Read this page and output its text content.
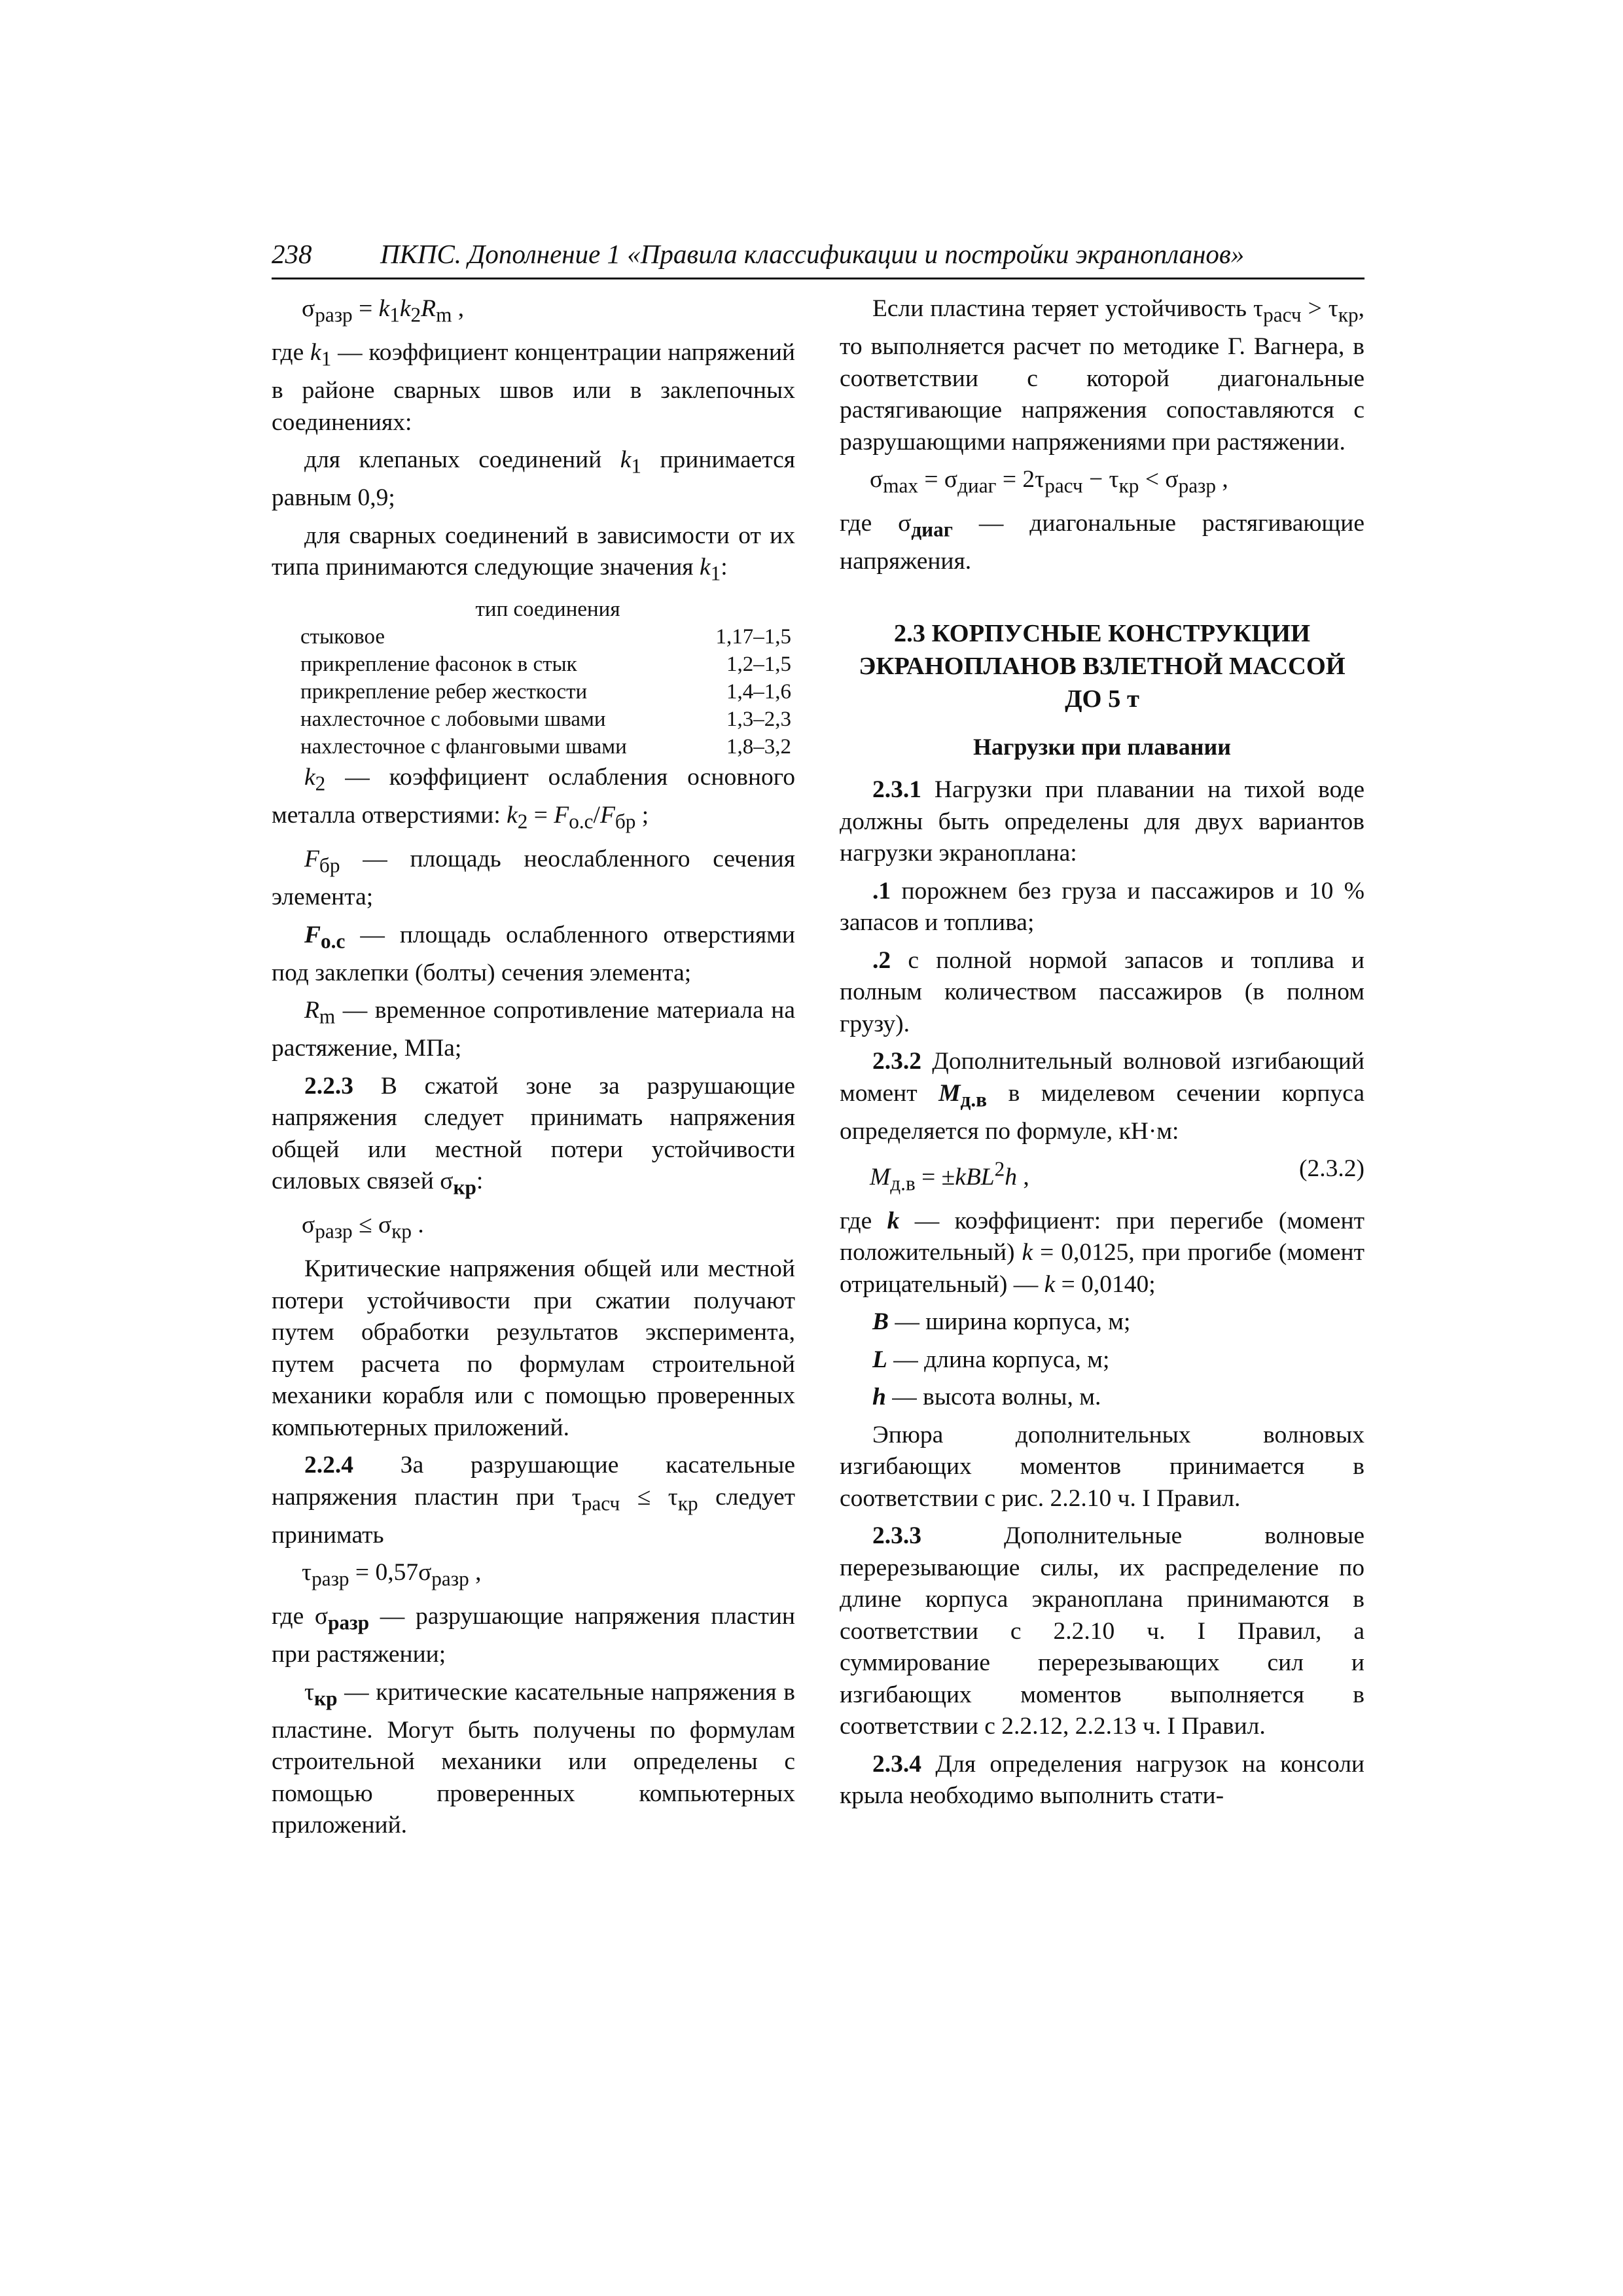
238	ПКПС. Дополнение 1 «Правила классификации и постройки экранопланов»
$\sigma_{разр} = k_1k_2R_m$ ,

где $k_1$ — коэффициент концентрации напряжений в районе сварных швов или в заклепочных соединениях:

для клепаных соединений $k_1$ принимается равным 0,9;

для сварных соединений в зависимости от их типа принимаются следующие значения $k_1$:

тип соединения
стыковое	1,17–1,5
прикрепление фасонок в стык	1,2–1,5
прикрепление ребер жесткости	1,4–1,6
нахлесточное с лобовыми швами	1,3–2,3
нахлесточное с фланговыми швами	1,8–3,2

$k_2$ — коэффициент ослабления основного металла отверстиями: $k_2 = F_{о.с}/F_{бр}$ ;

$F_{бр}$ — площадь неослабленного сечения элемента;

$F_{о.с}$ — площадь ослабленного отверстиями под заклепки (болты) сечения элемента;

$R_m$ — временное сопротивление материала на растяжение, МПа;

2.2.3 В сжатой зоне за разрушающие напряжения следует принимать напряжения общей или местной потери устойчивости силовых связей $\sigma_{кр}$:

$\sigma_{разр} \le \sigma_{кр}$ .

Критические напряжения общей или местной потери устойчивости при сжатии получают путем обработки результатов эксперимента, путем расчета по формулам строительной механики корабля или с помощью проверенных компьютерных приложений.

2.2.4 За разрушающие касательные напряжения пластин при $\tau_{расч} \le \tau_{кр}$ следует принимать

$\tau_{разр} = 0,57\sigma_{разр}$ ,

где $\sigma_{разр}$ — разрушающие напряжения пластин при растяжении;

$\tau_{кр}$ — критические касательные напряжения в пластине. Могут быть получены по формулам строительной механики или определены с помощью проверенных компьютерных приложений.

Если пластина теряет устойчивость $\tau_{расч} > \tau_{кр}$, то выполняется расчет по методике Г. Вагнера, в соответствии с которой диагональные растягивающие напряжения сопоставляются с разрушающими напряжениями при растяжении.

$\sigma_{max} = \sigma_{диаг} = 2\tau_{расч} - \tau_{кр} < \sigma_{разр}$ ,

где $\sigma_{диаг}$ — диагональные растягивающие напряжения.

2.3 КОРПУСНЫЕ КОНСТРУКЦИИ ЭКРАНОПЛАНОВ ВЗЛЕТНОЙ МАССОЙ ДО 5 т
Нагрузки при плавании

2.3.1 Нагрузки при плавании на тихой воде должны быть определены для двух вариантов нагрузки экраноплана:

.1 порожнем без груза и пассажиров и 10 % запасов и топлива;

.2 с полной нормой запасов и топлива и полным количеством пассажиров (в полном грузу).

2.3.2 Дополнительный волновой изгибающий момент $M_{д.в}$ в миделевом сечении корпуса определяется по формуле, кН·м:

$M_{д.в} = \pm kBL^2h$ ,	(2.3.2)

где k — коэффициент: при перегибе (момент положительный) k = 0,0125, при прогибе (момент отрицательный) — k = 0,0140;

B — ширина корпуса, м;

L — длина корпуса, м;

h — высота волны, м.

Эпюра дополнительных волновых изгибающих моментов принимается в соответствии с рис. 2.2.10 ч. I Правил.

2.3.3 Дополнительные волновые перерезывающие силы, их распределение по длине корпуса экраноплана принимаются в соответствии с 2.2.10 ч. I Правил, а суммирование перерезывающих сил и изгибающих моментов выполняется в соответствии с 2.2.12, 2.2.13 ч. I Правил.

2.3.4 Для определения нагрузок на консоли крыла необходимо выполнить стати-
